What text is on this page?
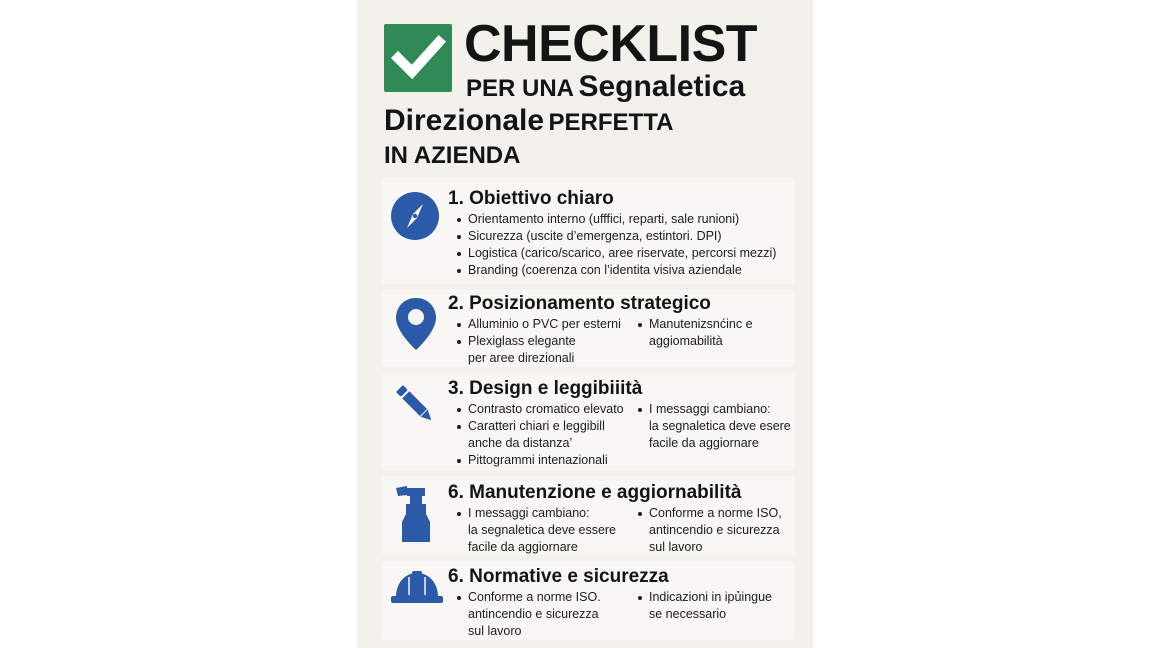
CHECKLIST
PER UNA Segnaletica
Direzionale PERFETTA
IN AZIENDA
1. Obiettivo chiaro
Orientamento interno (ufffici, reparti, sale runioni)
Sicurezza (uscite d’emergenza, estintori. DPI)
Logistica (carico/scarico, aree riservate, percorsi mezzi)
Branding (coerenza con l’identita visiva aziendale
2. Posizionamento strategico
Alluminio o PVC per esterni
Plexiglass elegante
per aree direzionali
Manutenizsnćinc e
aggiomabilità
3. Design e leggibiiità
Contrasto cromatico elevato
Caratteri chiari e leggibill
anche da distanza’
Pittogrammi intenazionali
I messaggi cambiano:
la segnaletica deve esere
facile da aggiornare
6. Manutenzione e aggiornabilità
I messaggi cambiano:
la segnaletica deve essere
facile da aggiornare
Conforme a norme ISO,
antincendio e sicurezza
sul lavoro
6. Normative e sicurezza
Conforme a norme ISO.
antincendio e sicurezza
sul lavoro
Indicazioni in ipủingue
se necessario
